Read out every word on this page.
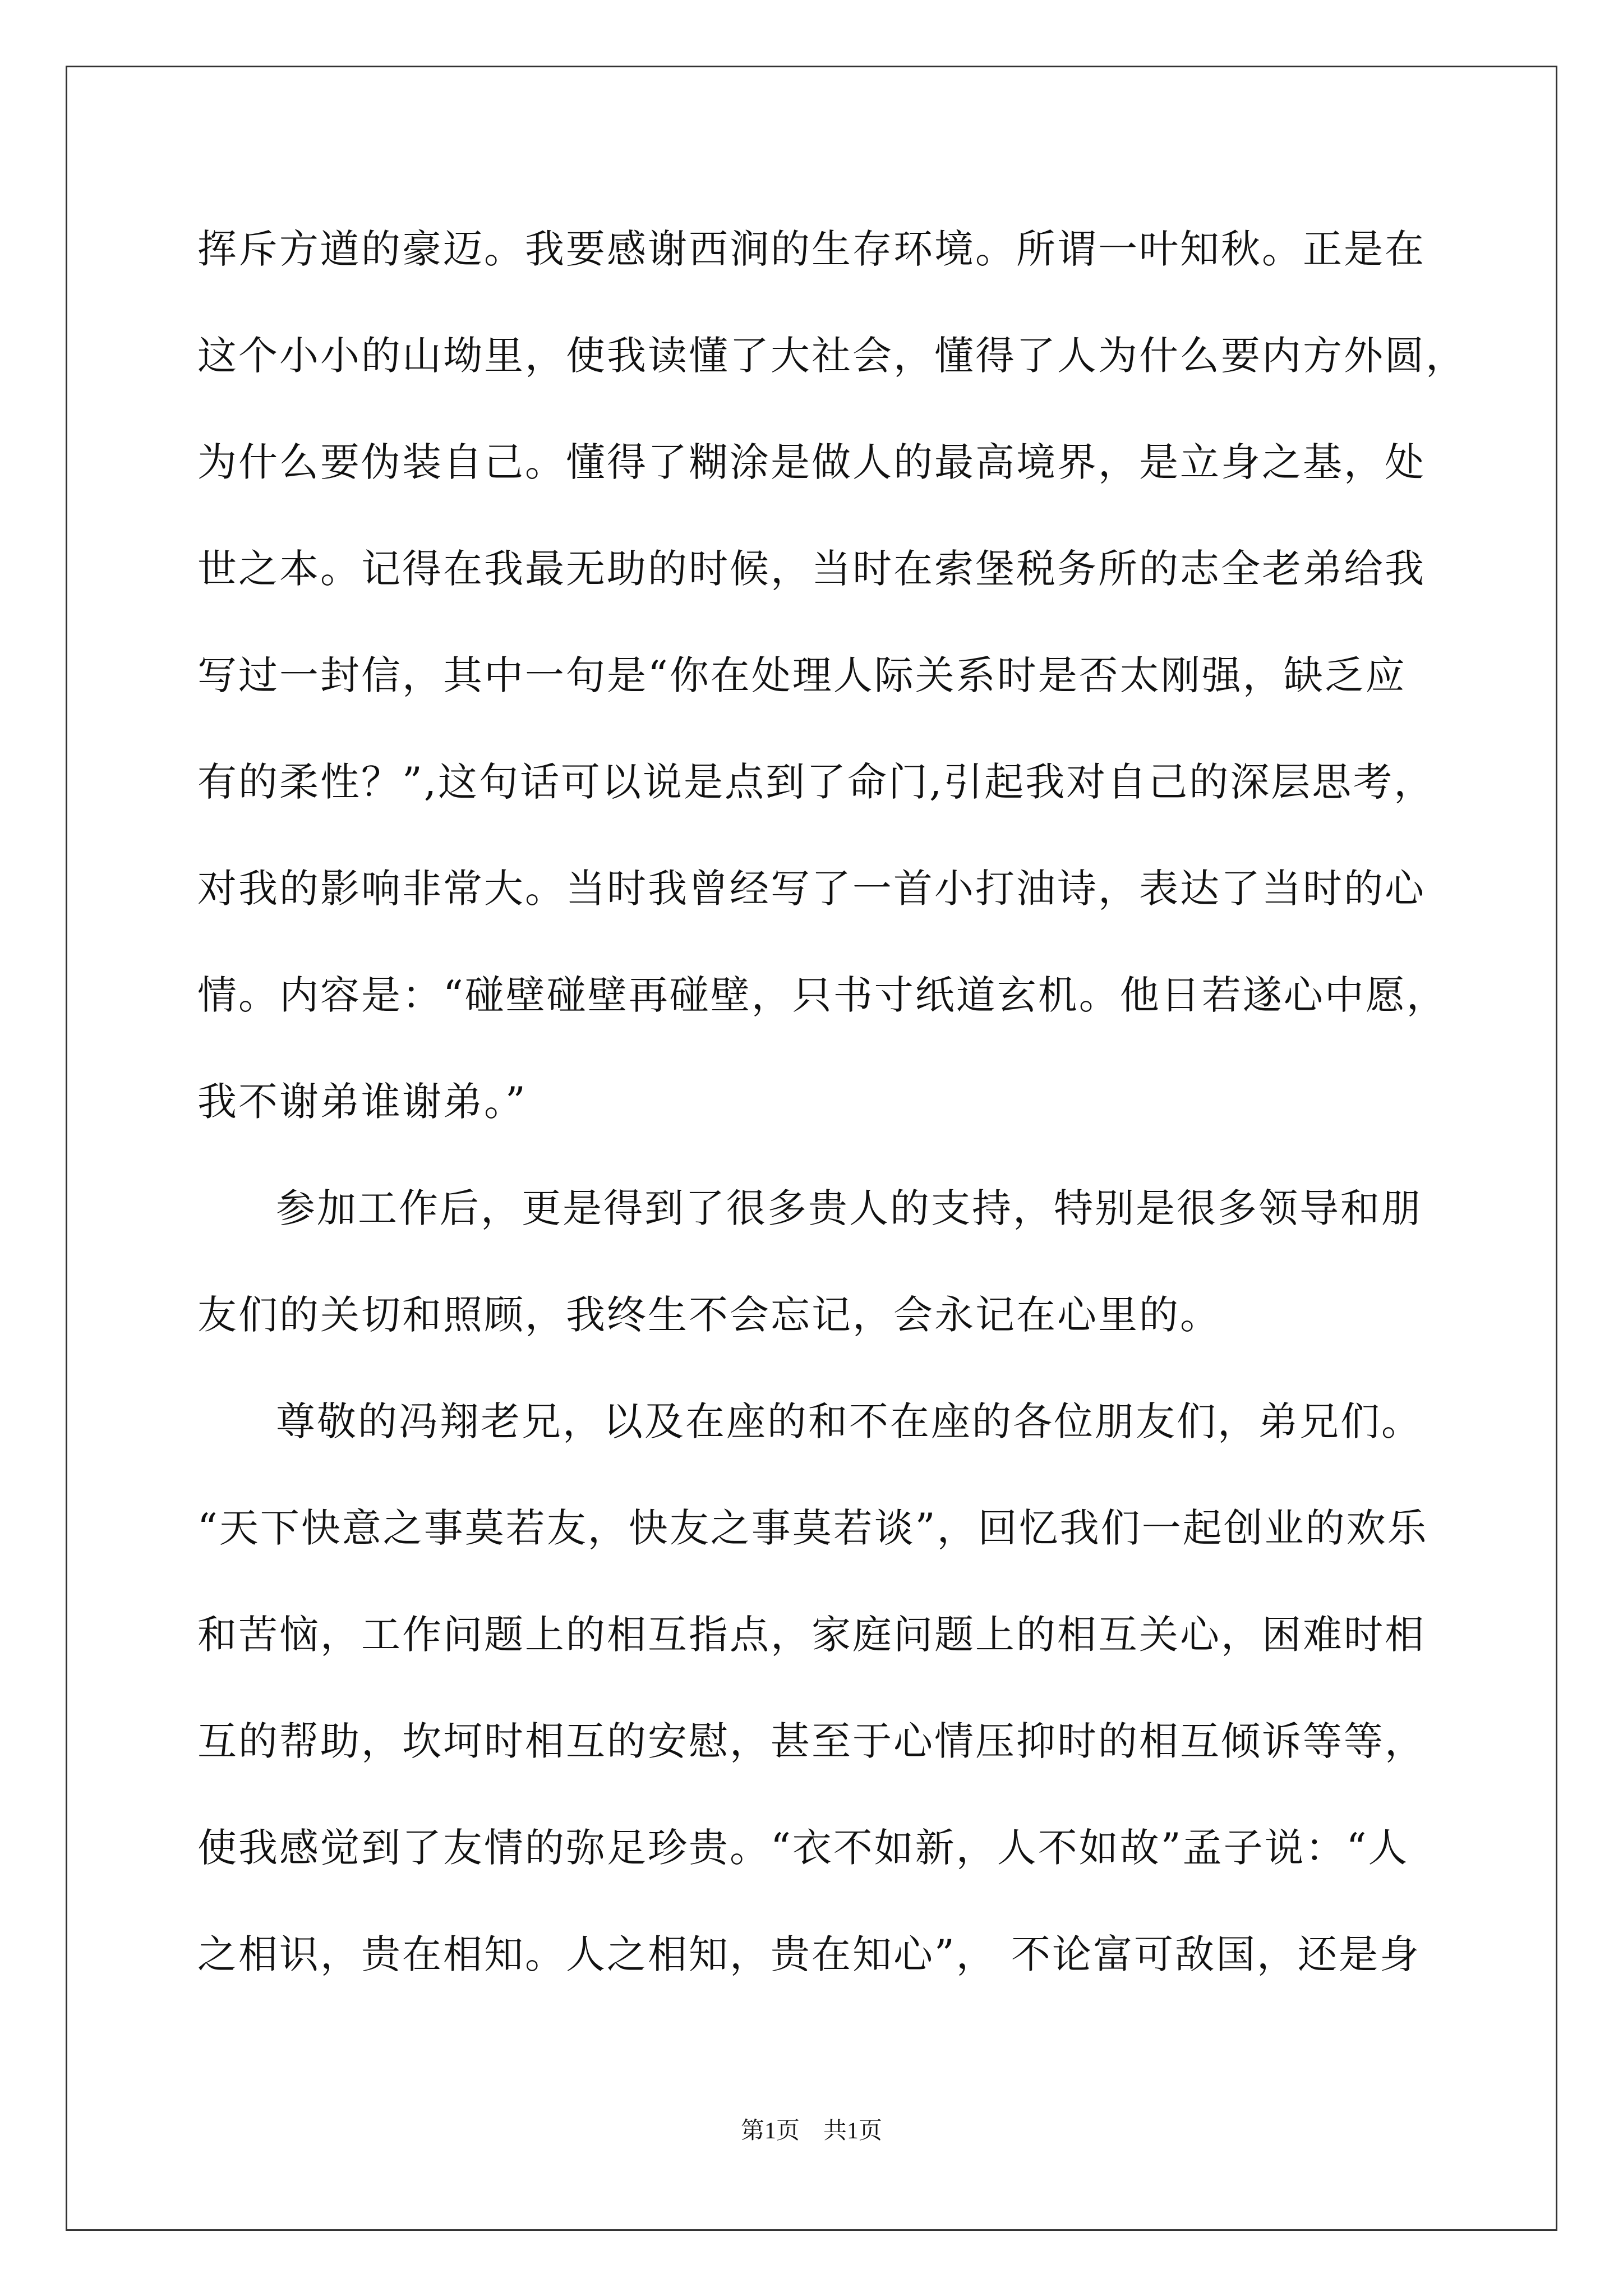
挥斥方遒的豪迈。我要感谢西涧的生存环境。所谓一叶知秋。正是在
这个小小的山坳里，使我读懂了大社会，懂得了人为什么要内方外圆，
为什么要伪装自己。懂得了糊涂是做人的最高境界，是立身之基，处
世之本。记得在我最无助的时候，当时在索堡税务所的志全老弟给我
写过一封信，其中一句是“你在处理人际关系时是否太刚强，缺乏应
有的柔性？”,这句话可以说是点到了命门,引起我对自己的深层思考，
对我的影响非常大。当时我曾经写了一首小打油诗，表达了当时的心
情。内容是：“碰壁碰壁再碰壁，只书寸纸道玄机。他日若遂心中愿，
我不谢弟谁谢弟。”
参加工作后，更是得到了很多贵人的支持，特别是很多领导和朋
友们的关切和照顾，我终生不会忘记，会永记在心里的。
尊敬的冯翔老兄，以及在座的和不在座的各位朋友们，弟兄们。
“天下快意之事莫若友，快友之事莫若谈”，回忆我们一起创业的欢乐
和苦恼，工作问题上的相互指点，家庭问题上的相互关心，困难时相
互的帮助，坎坷时相互的安慰，甚至于心情压抑时的相互倾诉等等，
使我感觉到了友情的弥足珍贵。“衣不如新，人不如故”孟子说：“人
之相识，贵在相知。人之相知，贵在知心”， 不论富可敌国，还是身
第1页　共1页
